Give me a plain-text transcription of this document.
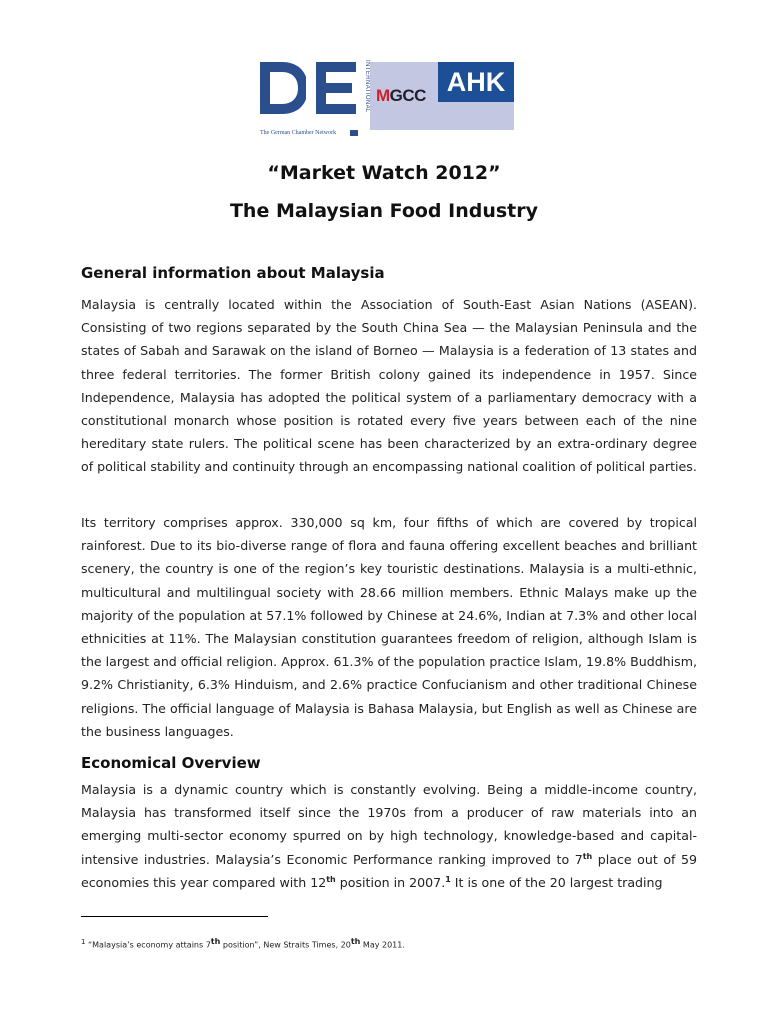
INTERNATIONAL
The German Chamber Network
MGCC AHK
“Market Watch 2012”
The Malaysian Food Industry
General information about Malaysia

Malaysia is centrally located within the Association of South-East Asian Nations (ASEAN). Consisting of two regions separated by the South China Sea — the Malaysian Peninsula and the states of Sabah and Sarawak on the island of Borneo — Malaysia is a federation of 13 states and three federal territories. The former British colony gained its independence in 1957. Since Independence, Malaysia has adopted the political system of a parliamentary democracy with a constitutional monarch whose position is rotated every five years between each of the nine hereditary state rulers. The political scene has been characterized by an extra-ordinary degree of political stability and continuity through an encompassing national coalition of political parties.

Its territory comprises approx. 330,000 sq km, four fifths of which are covered by tropical rainforest. Due to its bio-diverse range of flora and fauna offering excellent beaches and brilliant scenery, the country is one of the region’s key touristic destinations. Malaysia is a multi-ethnic, multicultural and multilingual society with 28.66 million members. Ethnic Malays make up the majority of the population at 57.1% followed by Chinese at 24.6%, Indian at 7.3% and other local ethnicities at 11%. The Malaysian constitution guarantees freedom of religion, although Islam is the largest and official religion. Approx. 61.3% of the population practice Islam, 19.8% Buddhism, 9.2% Christianity, 6.3% Hinduism, and 2.6% practice Confucianism and other traditional Chinese religions. The official language of Malaysia is Bahasa Malaysia, but English as well as Chinese are the business languages.

Economical Overview

Malaysia is a dynamic country which is constantly evolving. Being a middle-income country, Malaysia has transformed itself since the 1970s from a producer of raw materials into an emerging multi-sector economy spurred on by high technology, knowledge-based and capital-intensive industries. Malaysia’s Economic Performance ranking improved to 7th place out of 59 economies this year compared with 12th position in 2007.$^1$ It is one of the 20 largest trading

1 “Malaysia’s economy attains 7th position”, New Straits Times, 20th May 2011.
